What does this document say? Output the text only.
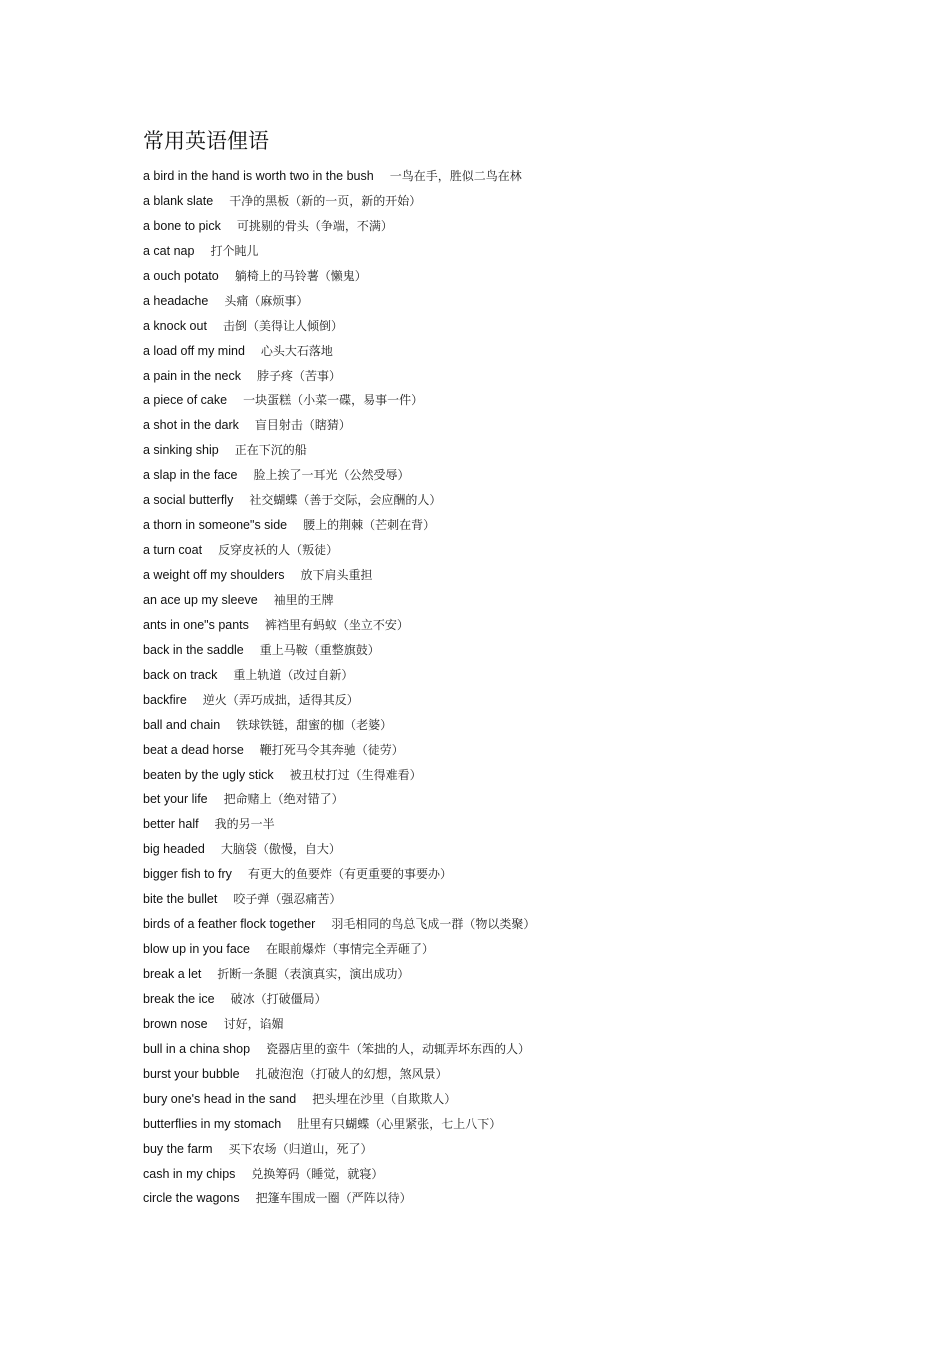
常用英语俚语
a bird in the hand is worth two in the bush 一鸟在手，胜似二鸟在林
a blank slate 干净的黑板（新的一页，新的开始）
a bone to pick 可挑剔的骨头（争端，不满）
a cat nap 打个盹儿
a ouch potato 躺椅上的马铃薯（懒鬼）
a headache 头痛（麻烦事）
a knock out 击倒（美得让人倾倒）
a load off my mind 心头大石落地
a pain in the neck 脖子疼（苦事）
a piece of cake 一块蛋糕（小菜一碟，易事一件）
a shot in the dark 盲目射击（瞎猜）
a sinking ship 正在下沉的船
a slap in the face 脸上挨了一耳光（公然受辱）
a social butterfly 社交蝴蝶（善于交际，会应酬的人）
a thorn in someone"s side 腰上的荆棘（芒刺在背）
a turn coat 反穿皮袄的人（叛徒）
a weight off my shoulders 放下肩头重担
an ace up my sleeve 袖里的王牌
ants in one"s pants 裤裆里有蚂蚁（坐立不安）
back in the saddle 重上马鞍（重整旗鼓）
back on track 重上轨道（改过自新）
backfire 逆火（弄巧成拙，适得其反）
ball and chain 铁球铁链，甜蜜的枷（老婆）
beat a dead horse 鞭打死马令其奔驰（徒劳）
beaten by the ugly stick 被丑杖打过（生得难看）
bet your life 把命赌上（绝对错了）
better half 我的另一半
big headed 大脑袋（傲慢，自大）
bigger fish to fry 有更大的鱼要炸（有更重要的事要办）
bite the bullet 咬子弹（强忍痛苦）
birds of a feather flock together 羽毛相同的鸟总飞成一群（物以类聚）
blow up in you face 在眼前爆炸（事情完全弄砸了）
break a let 折断一条腿（表演真实，演出成功）
break the ice 破冰（打破僵局）
brown nose 讨好，谄媚
bull in a china shop 瓷器店里的蛮牛（笨拙的人，动辄弄坏东西的人）
burst your bubble 扎破泡泡（打破人的幻想，煞风景）
bury one's head in the sand 把头埋在沙里（自欺欺人）
butterflies in my stomach 肚里有只蝴蝶（心里紧张，七上八下）
buy the farm 买下农场（归道山，死了）
cash in my chips 兑换筹码（睡觉，就寝）
circle the wagons 把篷车围成一圈（严阵以待）
